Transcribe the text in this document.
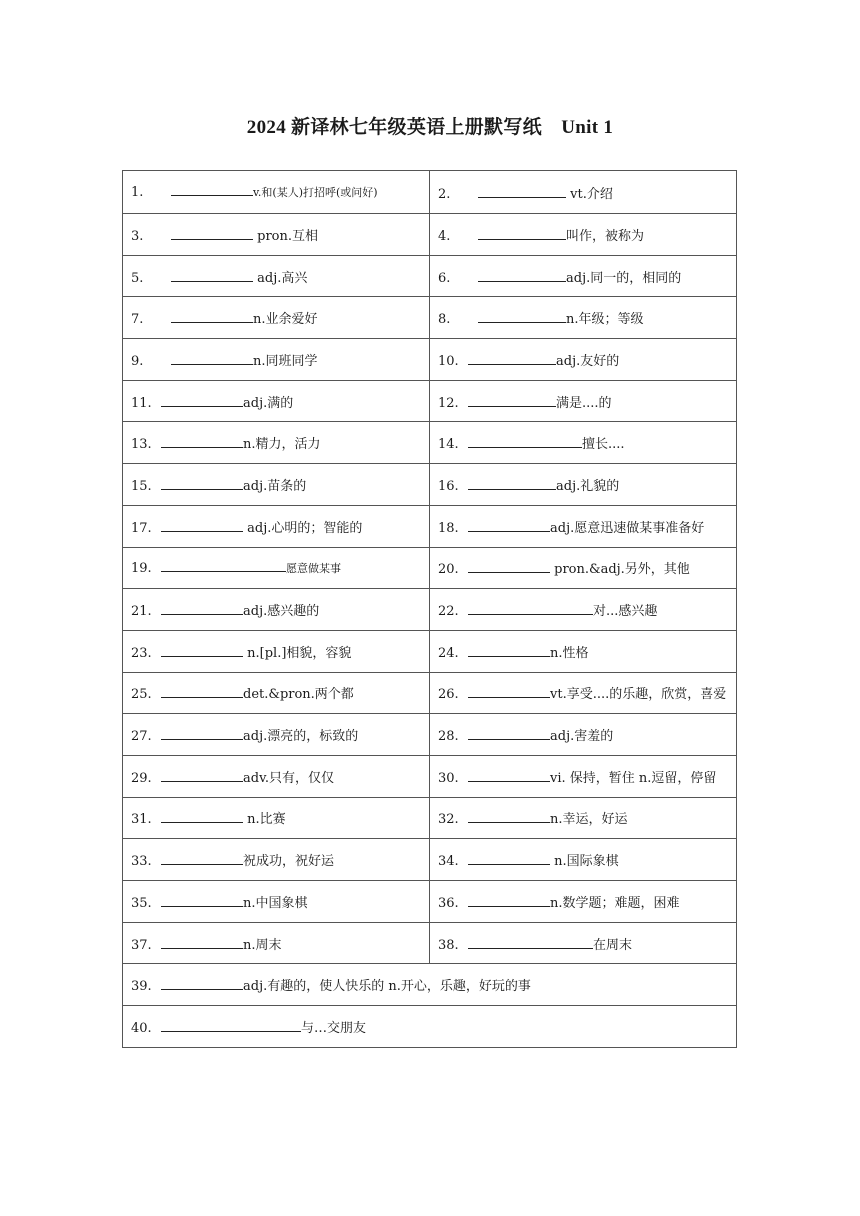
2024 新译林七年级英语上册默写纸　Unit 1
1. v.和(某人)打招呼(或问好)	2. vt.介绍
3. pron.互相	4. 叫作，被称为
5. adj.高兴	6. adj.同一的，相同的
7. n.业余爱好	8. n.年级；等级
9. n.同班同学	10. adj.友好的
11. adj.满的	12. 满是....的
13. n.精力，活力	14. 擅长....
15. adj.苗条的	16. adj.礼貌的
17. adj.心明的；智能的	18. adj.愿意迅速做某事准备好
19. 愿意做某事	20. pron.&adj.另外，其他
21. adj.感兴趣的	22. 对...感兴趣
23. n.[pl.]相貌，容貌	24. n.性格
25. det.&pron.两个都	26. vt.享受....的乐趣，欣赏，喜爱
27. adj.漂亮的，标致的	28. adj.害羞的
29. adv.只有，仅仅	30. vi. 保持，暂住 n.逗留，停留
31. n.比赛	32. n.幸运，好运
33. 祝成功，祝好运	34. n.国际象棋
35. n.中国象棋	36. n.数学题；难题，困难
37. n.周末	38. 在周末
39. adj.有趣的，使人快乐的 n.开心，乐趣，好玩的事	
40. 与…交朋友	
